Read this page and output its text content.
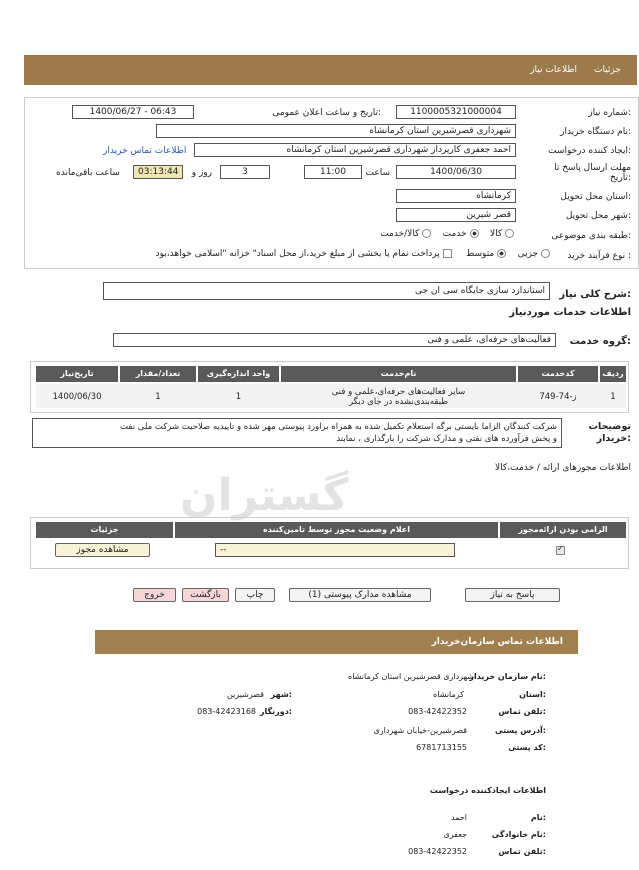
جزئیات
اطلاعات نیاز
شماره نیاز:
1100005321000004
تاریخ و ساعت اعلان عمومی:
1400/06/27 - 06:43
نام دستگاه خریدار:
شهرداری قصرشیرین استان کرمانشاه
ایجاد کننده درخواست:
احمد جعفری کارپرداز شهرداری قصرشیرین استان کرمانشاه
اطلاعات تماس خریدار
مهلت ارسال پاسخ تا تاریخ:
1400/06/30
ساعت
11:00
3
روز و
03:13:44
ساعت باقی‌مانده
استان محل تحویل:
کرمانشاه
شهر محل تحویل:
قصر شیرین
طبقه بندی موضوعی:
کالا     خدمت     کالا/خدمت
نوع فرآیند خرید :
جزیی     متوسط      پرداخت تمام یا بخشی از مبلغ خرید،از محل اسناد" خزانه "اسلامی خواهد،بود
شرح کلی نیاز:
استاندارد سازی جایگاه سی ان جی
اطلاعات خدمات موردنیاز
گروه خدمت:
فعالیت‌های حرفه‌ای، علمی و فنی
ردیف
کدخدمت
نام‌خدمت
واحد اندازه‌گیری
تعداد/مقدار
تاریخ‌نیاز
1
ز-74-749
سایر فعالیت‌های حرفه‌ای،علمی و فنی
طبقه‌بندی‌نشده در جای دیگر
1
1
1400/06/30
توضیحات
خریدار:
شرکت کنندگان الزاما بایستی برگه استعلام تکمیل شده به همراه براورد پیوستی مهر شده و تاییدیه صلاحیت شرکت ملی نفت
و پخش فرآورده های نفتی و مدارک شرکت را بارگذاری ، نمایند
اطلاعات مجوزهای ارائه / خدمت،کالا
گستران
الزامی بودن ارائه‌مجوز
اعلام وضعیت مجوز توسط تامین‌کننده
جزئیات
✓
--
مشاهده مجوز
پاسخ به نیاز
مشاهده مدارک پیوستی (1)
چاپ
بازگشت
خروج
اطلاعات تماس سازمان‌خریدار
نام سازمان خریدار:
شهرداری قصرشیرین استان کرمانشاه
استان:
کرمانشاه
شهر:
قصرشیرین
تلفن تماس:
083-42422352
دورنگار:
083-42423168
آدرس پستی:
قصرشیرین-خیابان شهرداری
کد پستی:
6781713155
اطلاعات ایجادکننده درخواست
نام:
احمد
نام خانوادگی:
جعفری
تلفن تماس:
083-42422352
